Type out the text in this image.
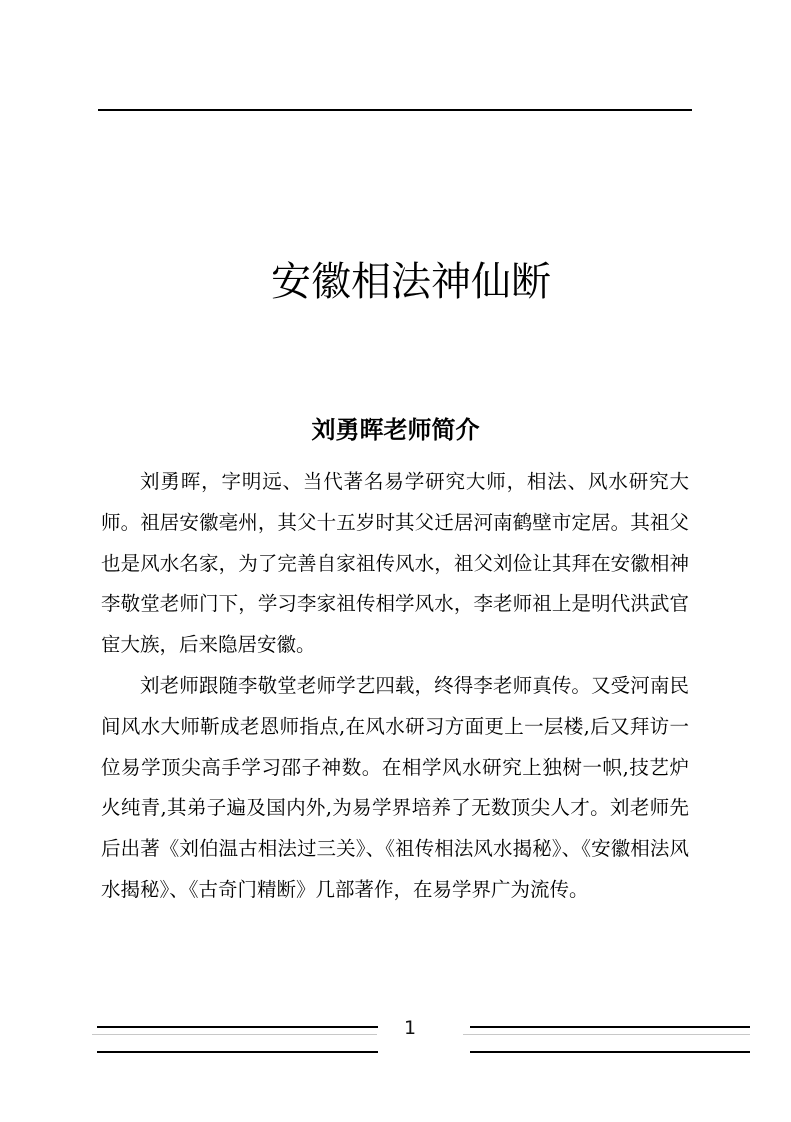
安徽相法神仙断
刘勇晖老师简介

刘勇晖，字明远、当代著名易学研究大师，相法、风水研究大师。祖居安徽亳州，其父十五岁时其父迁居河南鹤壁市定居。其祖父也是风水名家，为了完善自家祖传风水，祖父刘俭让其拜在安徽相神李敬堂老师门下，学习李家祖传相学风水，李老师祖上是明代洪武官宦大族，后来隐居安徽。

刘老师跟随李敬堂老师学艺四载，终得李老师真传。又受河南民间风水大师靳成老恩师指点,在风水研习方面更上一层楼,后又拜访一位易学顶尖高手学习邵子神数。在相学风水研究上独树一帜,技艺炉火纯青,其弟子遍及国内外,为易学界培养了无数顶尖人才。刘老师先后出著《刘伯温古相法过三关》、《祖传相法风水揭秘》、《安徽相法风水揭秘》、《古奇门精断》几部著作，在易学界广为流传。

1
